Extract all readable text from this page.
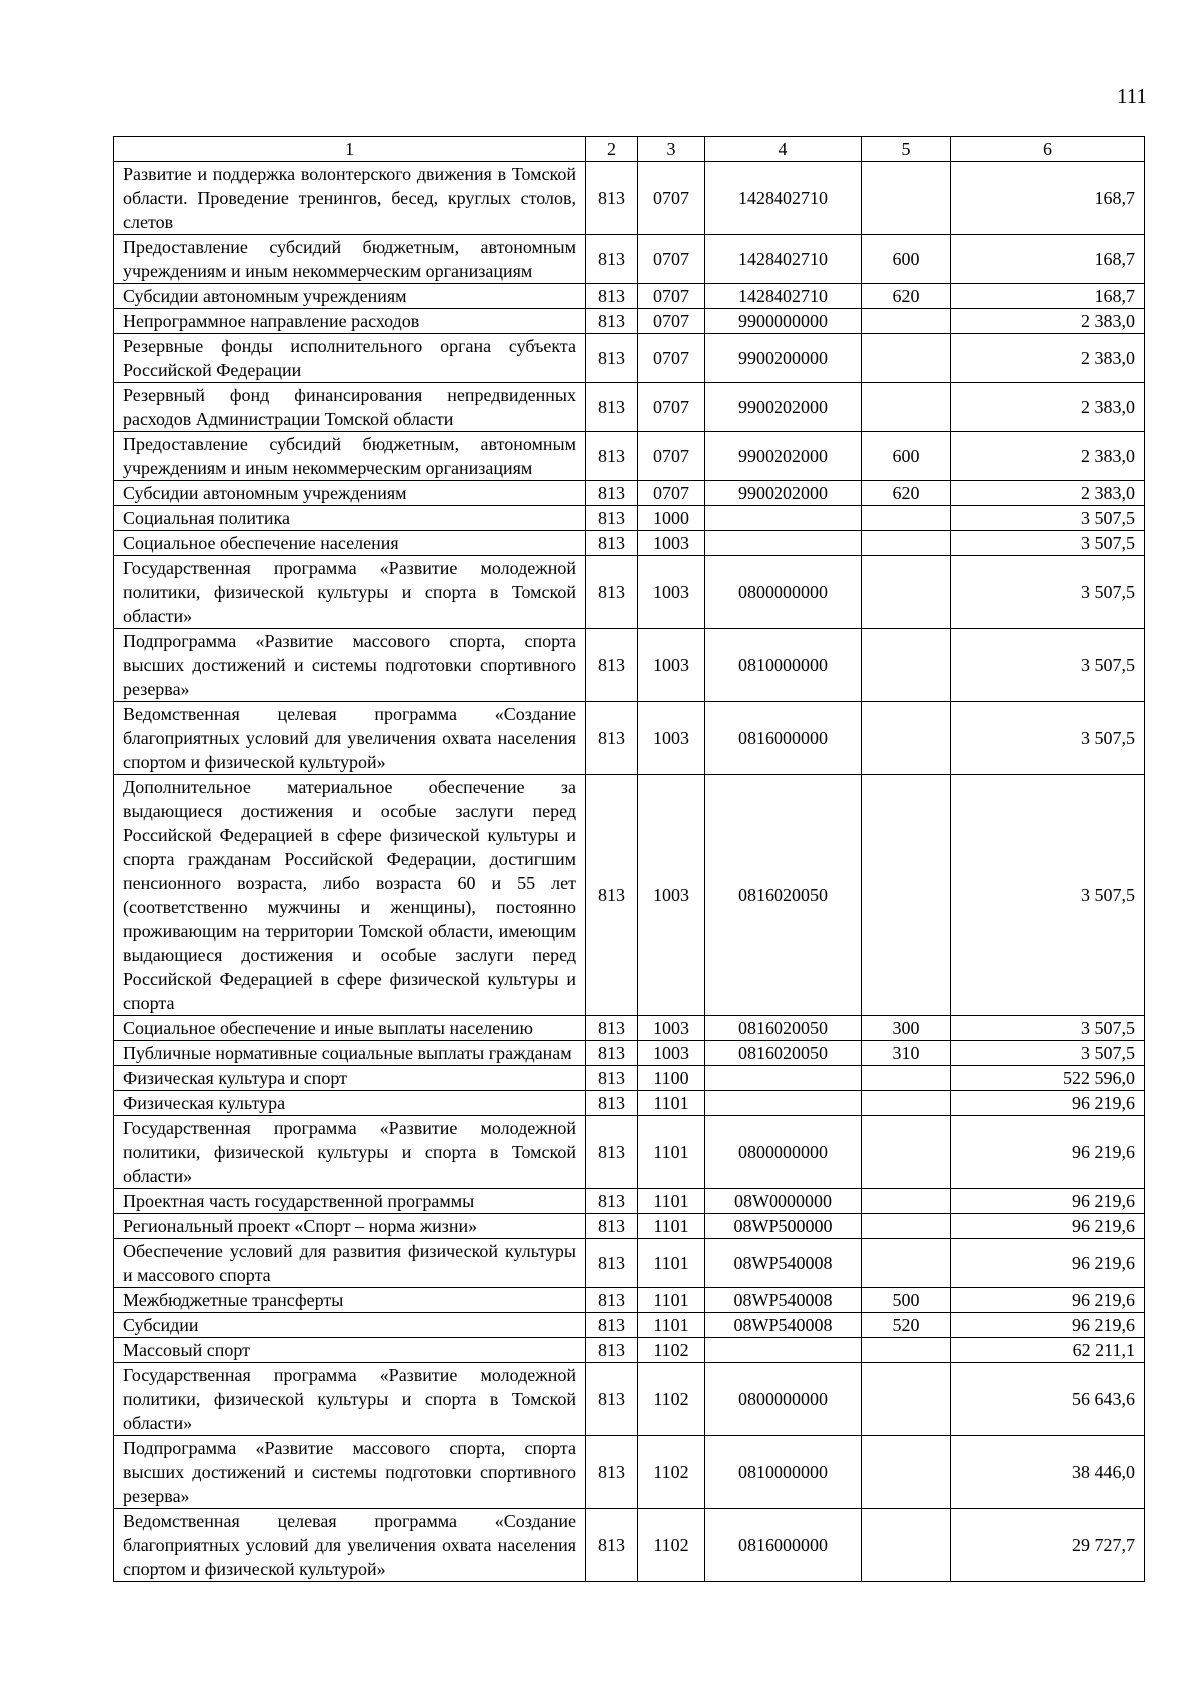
111
1	2	3	4	5	6
Развитие и поддержка волонтерского движения в Томской области. Проведение тренингов, бесед, круглых столов, слетов	813	0707	1428402710		168,7
Предоставление субсидий бюджетным, автономным учреждениям и иным некоммерческим организациям	813	0707	1428402710	600	168,7
Субсидии автономным учреждениям	813	0707	1428402710	620	168,7
Непрограммное направление расходов	813	0707	9900000000		2 383,0
Резервные фонды исполнительного органа субъекта Российской Федерации	813	0707	9900200000		2 383,0
Резервный фонд финансирования непредвиденных расходов Администрации Томской области	813	0707	9900202000		2 383,0
Предоставление субсидий бюджетным, автономным учреждениям и иным некоммерческим организациям	813	0707	9900202000	600	2 383,0
Субсидии автономным учреждениям	813	0707	9900202000	620	2 383,0
Социальная политика	813	1000			3 507,5
Социальное обеспечение населения	813	1003			3 507,5
Государственная программа «Развитие молодежной политики, физической культуры и спорта в Томской области»	813	1003	0800000000		3 507,5
Подпрограмма «Развитие массового спорта, спорта высших достижений и системы подготовки спортивного резерва»	813	1003	0810000000		3 507,5
Ведомственная целевая программа «Создание благоприятных условий для увеличения охвата населения спортом и физической культурой»	813	1003	0816000000		3 507,5
Дополнительное материальное обеспечение за выдающиеся достижения и особые заслуги перед Российской Федерацией в сфере физической культуры и спорта гражданам Российской Федерации, достигшим пенсионного возраста, либо возраста 60 и 55 лет (соответственно мужчины и женщины), постоянно проживающим на территории Томской области, имеющим выдающиеся достижения и особые заслуги перед Российской Федерацией в сфере физической культуры и спорта	813	1003	0816020050		3 507,5
Социальное обеспечение и иные выплаты населению	813	1003	0816020050	300	3 507,5
Публичные нормативные социальные выплаты гражданам	813	1003	0816020050	310	3 507,5
Физическая культура и спорт	813	1100			522 596,0
Физическая культура	813	1101			96 219,6
Государственная программа «Развитие молодежной политики, физической культуры и спорта в Томской области»	813	1101	0800000000		96 219,6
Проектная часть государственной программы	813	1101	08W0000000		96 219,6
Региональный проект «Спорт – норма жизни»	813	1101	08WP500000		96 219,6
Обеспечение условий для развития физической культуры и массового спорта	813	1101	08WP540008		96 219,6
Межбюджетные трансферты	813	1101	08WP540008	500	96 219,6
Субсидии	813	1101	08WP540008	520	96 219,6
Массовый спорт	813	1102			62 211,1
Государственная программа «Развитие молодежной политики, физической культуры и спорта в Томской области»	813	1102	0800000000		56 643,6
Подпрограмма «Развитие массового спорта, спорта высших достижений и системы подготовки спортивного резерва»	813	1102	0810000000		38 446,0
Ведомственная целевая программа «Создание благоприятных условий для увеличения охвата населения спортом и физической культурой»	813	1102	0816000000		29 727,7
